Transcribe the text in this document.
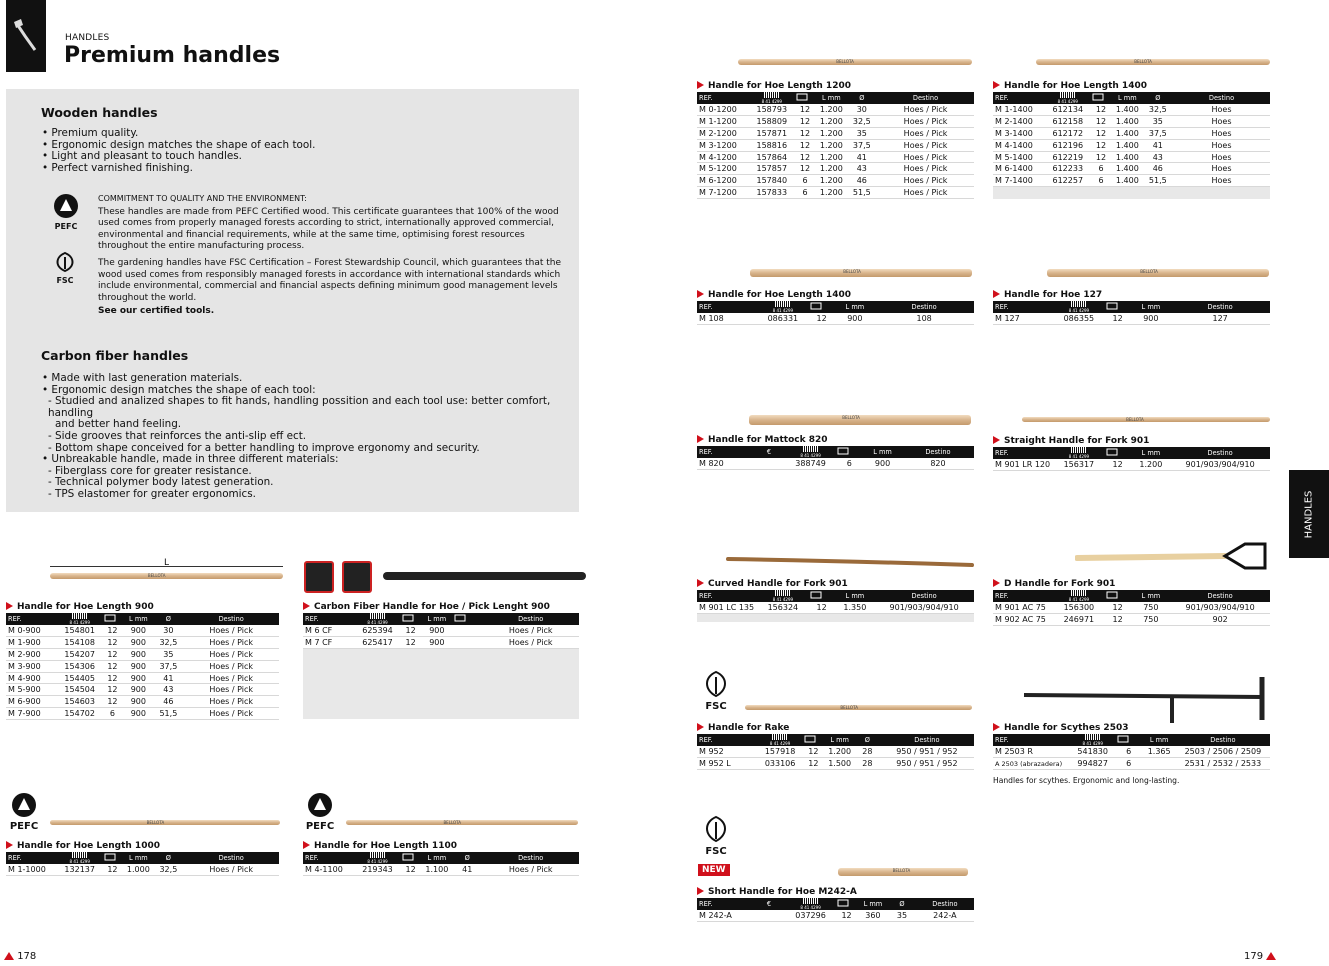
HANDLES
Premium handles
Wooden handles
• Premium quality.
• Ergonomic design matches the shape of each tool.
• Light and pleasant to touch handles.
• Perfect varnished finishing.
PEFC
FSC
COMMITMENT TO QUALITY AND THE ENVIRONMENT:
These handles are made from PEFC Certified wood. This certificate guarantees that 100% of the wood used comes from properly managed forests according to strict, internationally approved commercial, environmental and financial requirements, while at the same time, optimising forest resources throughout the entire manufacturing process.
The gardening handles have FSC Certification – Forest Stewardship Council, which guarantees that the wood used comes from responsibly managed forests in accordance with international standards which include environmental, commercial and financial aspects defining minimum good management levels throughout the world.
See our certified tools.
Carbon fiber handles
• Made with last generation materials.
• Ergonomic design matches the shape of each tool:
- Studied and analized shapes to fit hands, handling possition and each tool use: better comfort, handling
and better hand feeling.
- Side grooves that reinforces the anti-slip eff ect.
- Bottom shape conceived for a better handling to improve ergonomy and security.
• Unbreakable handle, made in three different materials:
- Fiberglass core for greater resistance.
- Technical polymer body latest generation.
- TPS elastomer for greater ergonomics.
L
BELLOTA
BELLOTA
BELLOTA
BELLOTA
BELLOTA
BELLOTA
BELLOTA
BELLOTA
BELLOTA
BELLOTA
BELLOTA
PEFC	PEFC
FSC
FSC
NEW
Handle for Hoe Length 900
REF.	8 41 4299		L mm	Ø	Destino
M 0-900	154801	12	900	30	Hoes / Pick
M 1-900	154108	12	900	32,5	Hoes / Pick
M 2-900	154207	12	900	35	Hoes / Pick
M 3-900	154306	12	900	37,5	Hoes / Pick
M 4-900	154405	12	900	41	Hoes / Pick
M 5-900	154504	12	900	43	Hoes / Pick
M 6-900	154603	12	900	46	Hoes / Pick
M 7-900	154702	6	900	51,5	Hoes / Pick
Carbon Fiber Handle for Hoe / Pick Lenght 900
REF.	8 41 4299		L mm		Destino
M 6 CF	625394	12	900		Hoes / Pick
M 7 CF	625417	12	900		Hoes / Pick
Handle for Hoe Length 1000
REF.	8 41 4299		L mm	Ø	Destino
M 1-1000	132137	12	1.000	32,5	Hoes / Pick
Handle for Hoe Length 1100
REF.	8 41 4299		L mm	Ø	Destino
M 4-1100	219343	12	1.100	41	Hoes / Pick
Handle for Hoe Length 1200
REF.	8 41 4299		L mm	Ø	Destino
M 0-1200	158793	12	1.200	30	Hoes / Pick
M 1-1200	158809	12	1.200	32,5	Hoes / Pick
M 2-1200	157871	12	1.200	35	Hoes / Pick
M 3-1200	158816	12	1.200	37,5	Hoes / Pick
M 4-1200	157864	12	1.200	41	Hoes / Pick
M 5-1200	157857	12	1.200	43	Hoes / Pick
M 6-1200	157840	6	1.200	46	Hoes / Pick
M 7-1200	157833	6	1.200	51,5	Hoes / Pick
Handle for Hoe Length 1400
REF.	8 41 4299		L mm	Ø	Destino
M 1-1400	612134	12	1.400	32,5	Hoes
M 2-1400	612158	12	1.400	35	Hoes
M 3-1400	612172	12	1.400	37,5	Hoes
M 4-1400	612196	12	1.400	41	Hoes
M 5-1400	612219	12	1.400	43	Hoes
M 6-1400	612233	6	1.400	46	Hoes
M 7-1400	612257	6	1.400	51,5	Hoes
Handle for Hoe Length 1400
REF.	8 41 4299		L mm	Destino
M 108	086331	12	900	108
Handle for Hoe 127
REF.	8 41 4299		L mm	Destino
M 127	086355	12	900	127
Handle for Mattock 820
REF.	€	8 41 4299		L mm	Destino
M 820		388749	6	900	820
Straight Handle for Fork 901
REF.	8 41 4299		L mm	Destino
M 901 LR 120	156317	12	1.200	901/903/904/910
Curved Handle for Fork 901
REF.	8 41 4299		L mm	Destino
M 901 LC 135	156324	12	1.350	901/903/904/910
D Handle for Fork 901
REF.	8 41 4299		L mm	Destino
M 901 AC 75	156300	12	750	901/903/904/910
M 902 AC 75	246971	12	750	902
Handle for Rake
REF.	8 41 4299		L mm	Ø	Destino
M 952	157918	12	1.200	28	950 / 951 / 952
M 952 L	033106	12	1.500	28	950 / 951 / 952
Handle for Scythes 2503
REF.	8 41 4299		L mm	Destino
M 2503 R	541830	6	1.365	2503 / 2506 / 2509
A 2503 (abrazadera)	994827	6		2531 / 2532 / 2533
Short Handle for Hoe M242-A
REF.	€	8 41 4299		L mm	Ø	Destino
M 242-A		037296	12	360	35	242-A
Handles for scythes. Ergonomic and long-lasting.
HANDLES
178	179
